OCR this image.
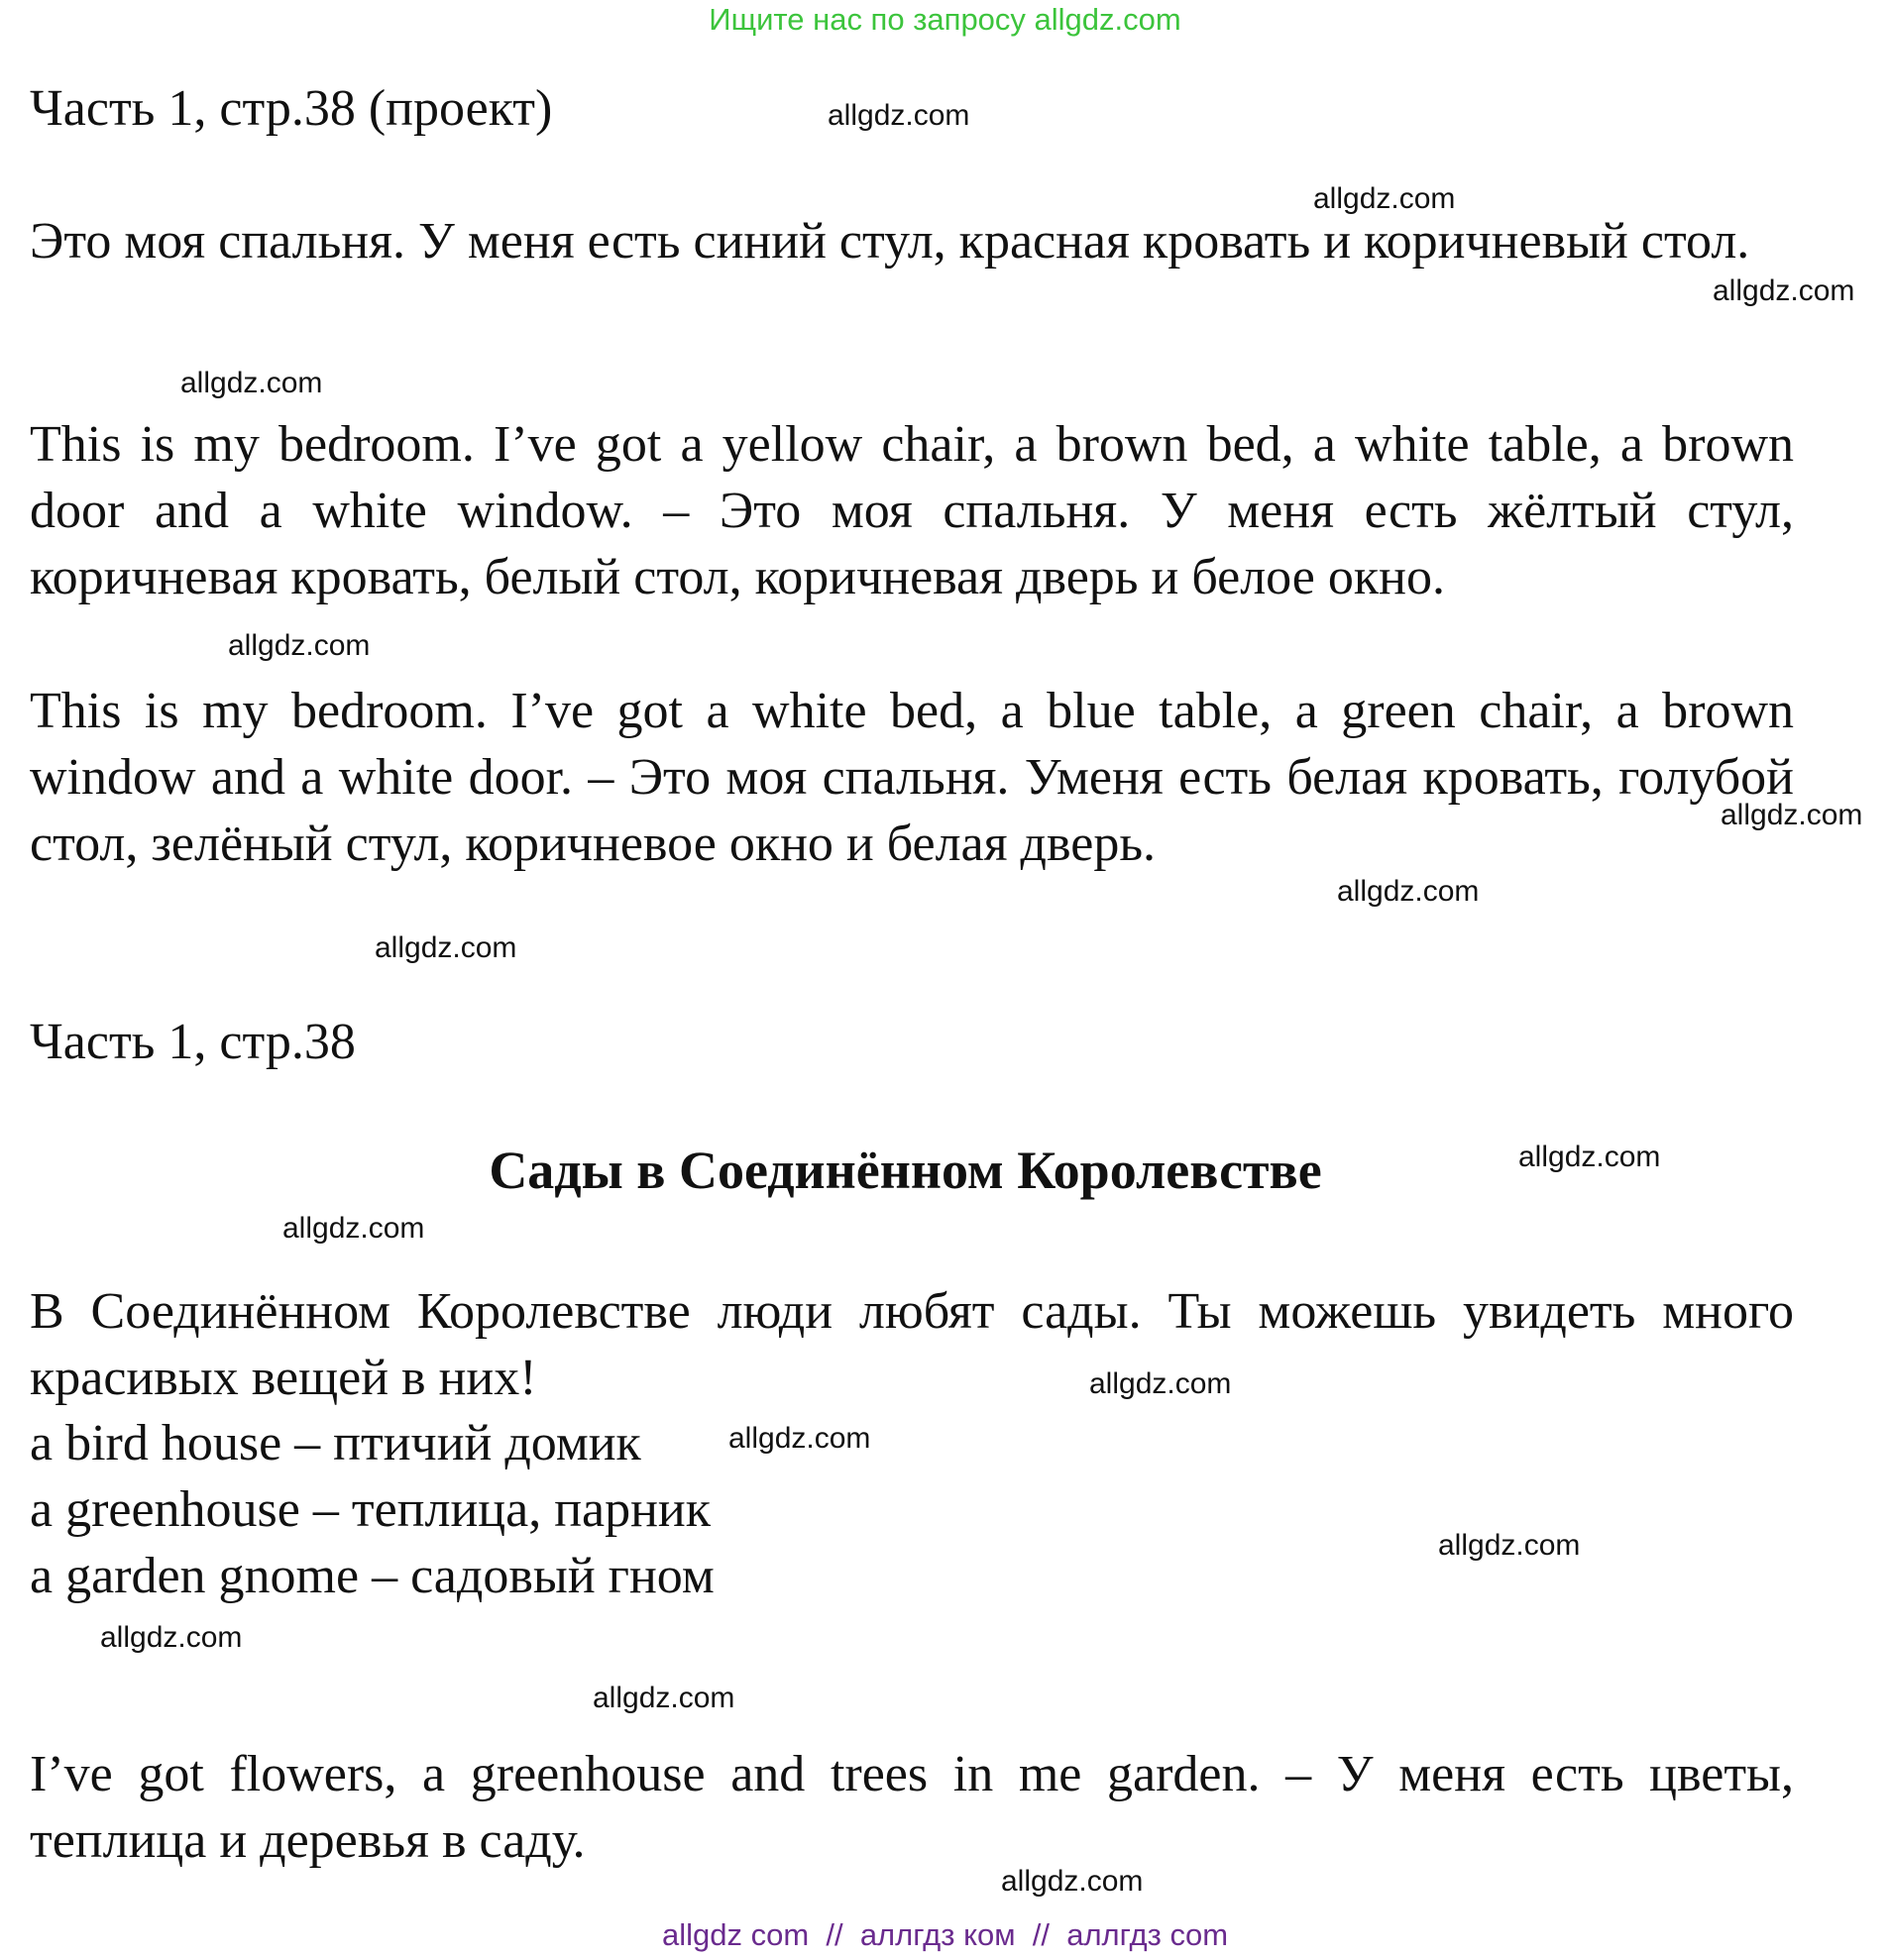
Ищите нас по запросу allgdz.com
Часть 1, стр.38 (проект)
Это моя спальня. У меня есть синий стул, красная кровать и коричневый стол.
This is my bedroom. I’ve got a yellow chair, a brown bed, a white table, a brown door and a white window. – Это моя спальня. У меня есть жёлтый стул, коричневая кровать, белый стол, коричневая дверь и белое окно.
This is my bedroom. I’ve got a white bed, a blue table, a green chair, a brown window and a white door. – Это моя спальня. Уменя есть белая кровать, голубой стол, зелёный стул, коричневое окно и белая дверь.
Часть 1, стр.38
Сады в Соединённом Королевстве
В Соединённом Королевстве люди любят сады. Ты можешь увидеть много красивых вещей в них!
a bird house – птичий домик
a greenhouse – теплица, парник
a garden gnome – садовый гном
I’ve got flowers, a greenhouse and trees in me garden. – У меня есть цветы, теплица и деревья в саду.
allgdz.com
allgdz.com
allgdz.com
allgdz.com
allgdz.com
allgdz.com
allgdz.com
allgdz.com
allgdz.com
allgdz.com
allgdz.com
allgdz.com
allgdz.com
allgdz.com
allgdz.com
allgdz.com
allgdz com  //  аллгдз ком  //  аллгдз com
